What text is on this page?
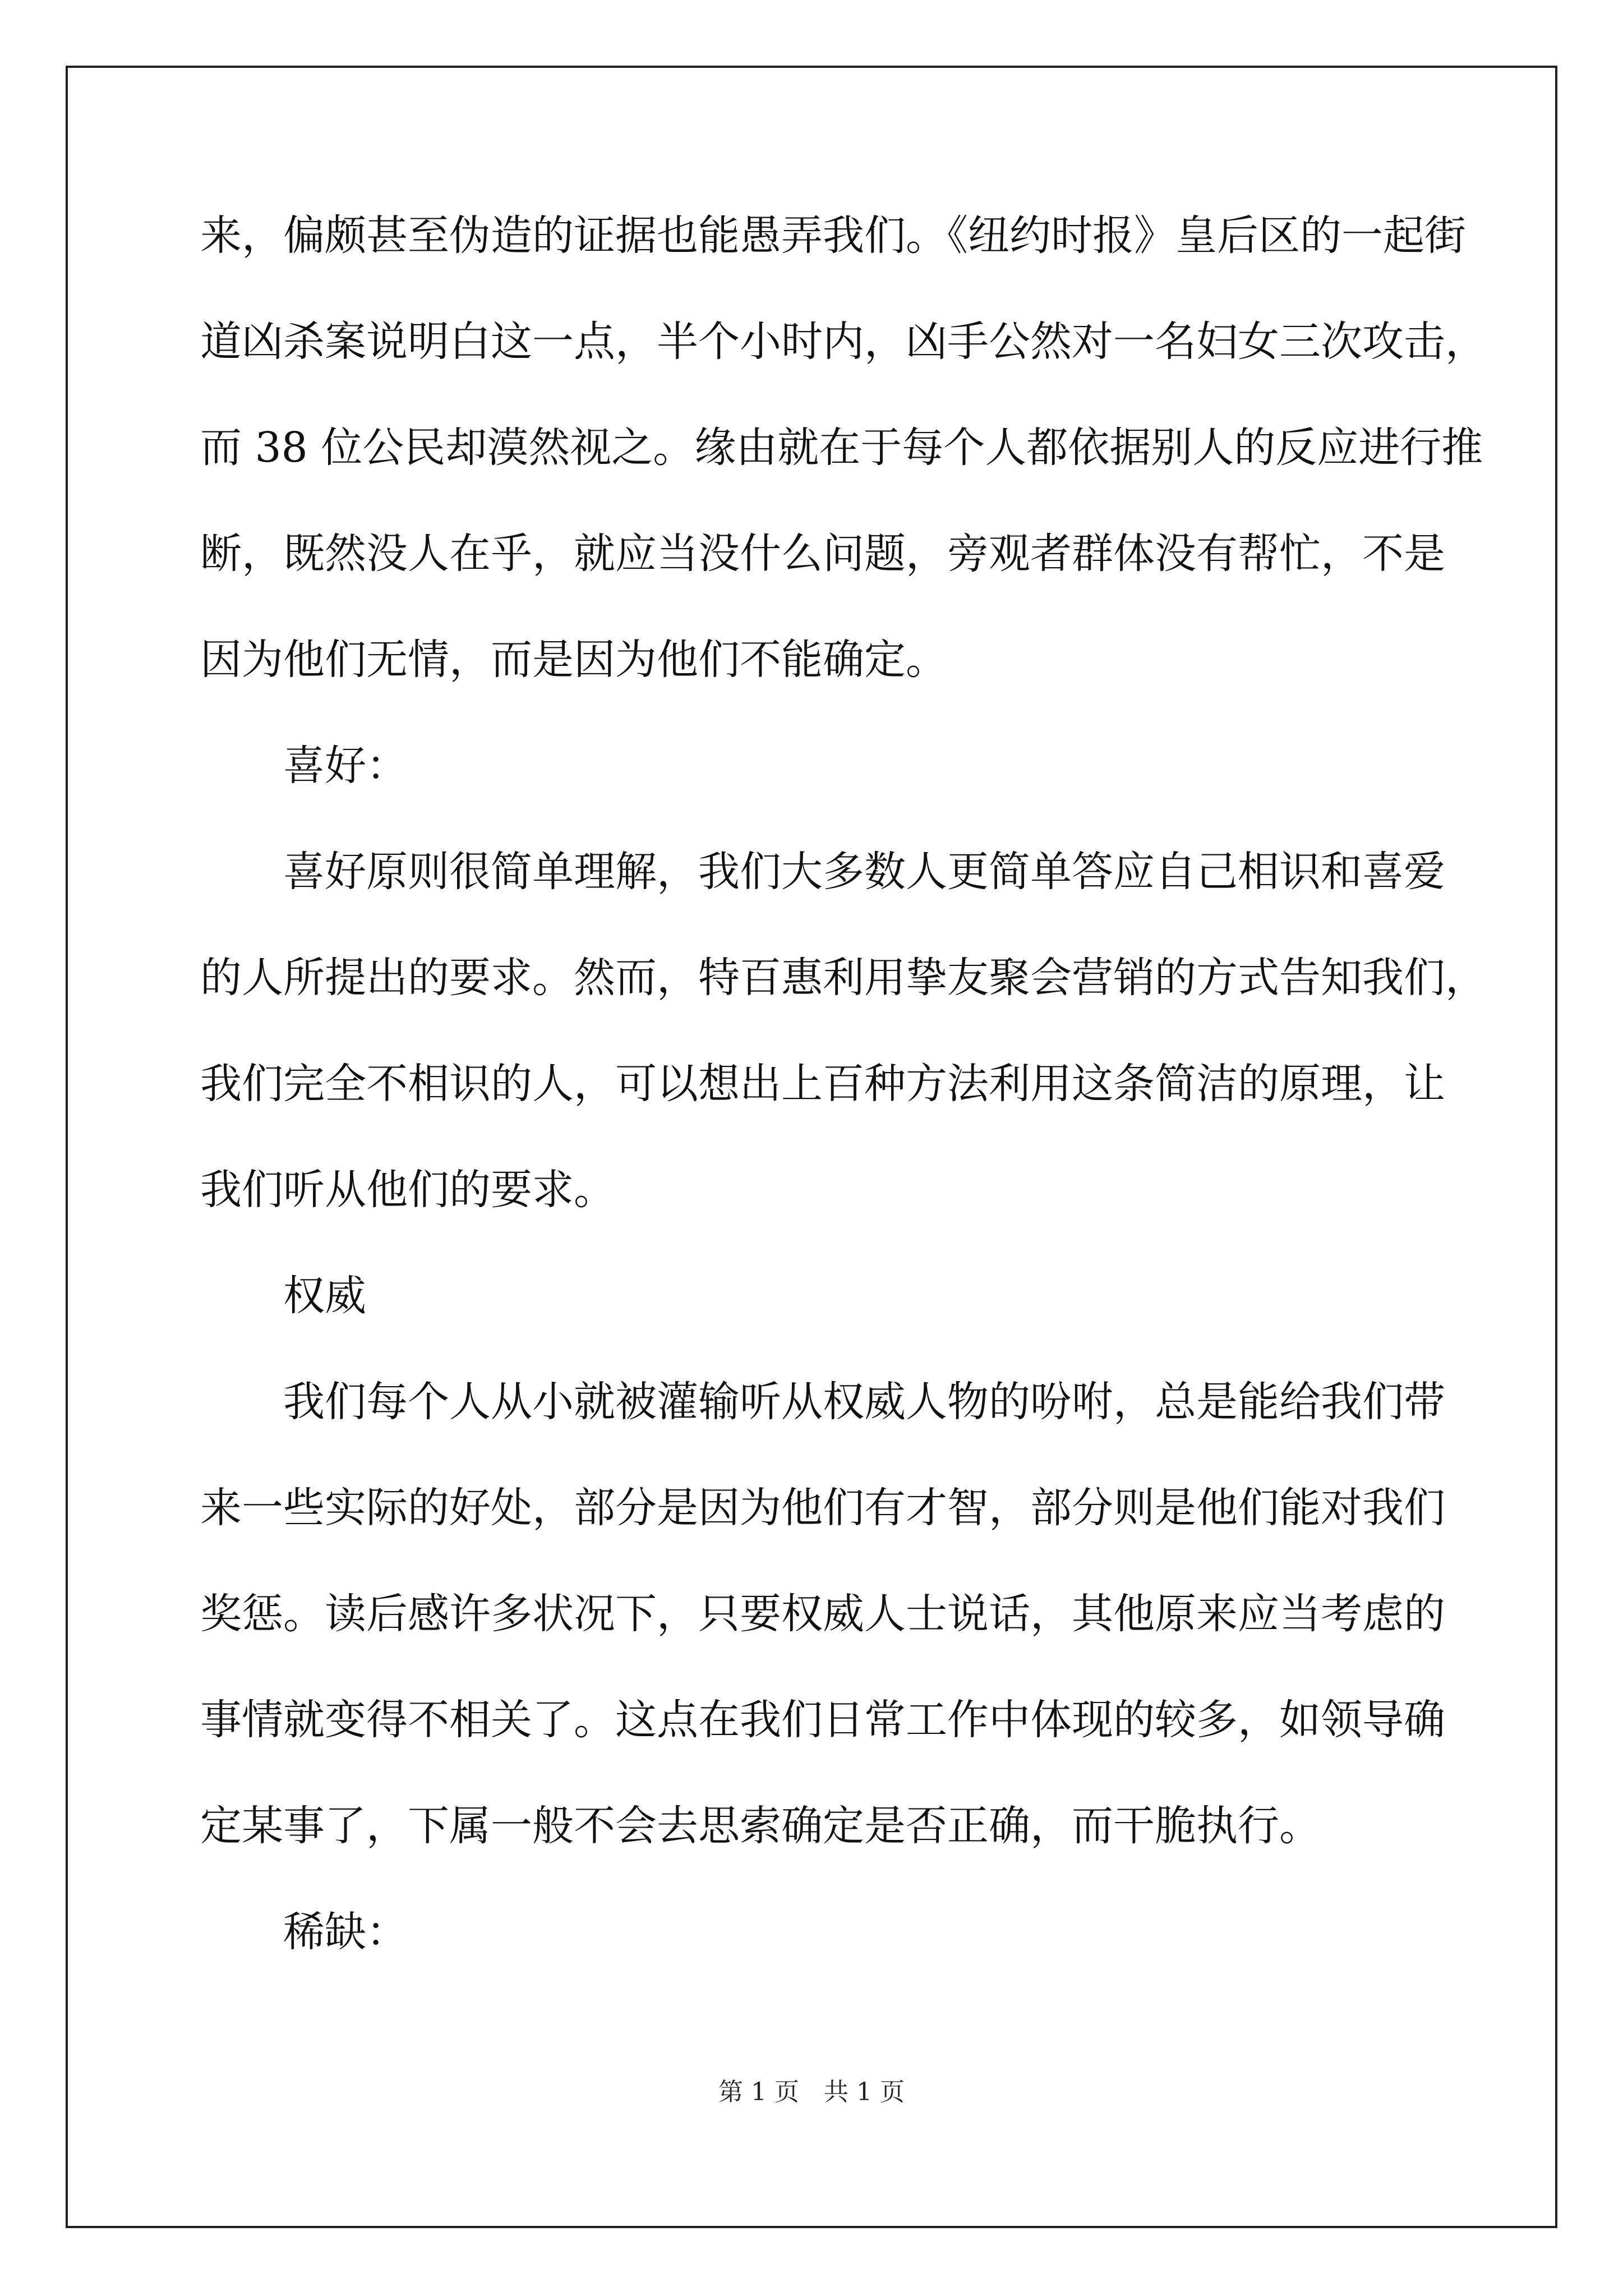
来，偏颇甚至伪造的证据也能愚弄我们。《纽约时报》皇后区的一起街
道凶杀案说明白这一点，半个小时内，凶手公然对一名妇女三次攻击，
而 38 位公民却漠然视之。缘由就在于每个人都依据别人的反应进行推
断，既然没人在乎，就应当没什么问题，旁观者群体没有帮忙，不是
因为他们无情，而是因为他们不能确定。
喜好：
喜好原则很简单理解，我们大多数人更简单答应自己相识和喜爱
的人所提出的要求。然而，特百惠利用挚友聚会营销的方式告知我们，
我们完全不相识的人，可以想出上百种方法利用这条简洁的原理，让
我们听从他们的要求。
权威
我们每个人从小就被灌输听从权威人物的吩咐，总是能给我们带
来一些实际的好处，部分是因为他们有才智，部分则是他们能对我们
奖惩。读后感许多状况下，只要权威人士说话，其他原来应当考虑的
事情就变得不相关了。这点在我们日常工作中体现的较多，如领导确
定某事了，下属一般不会去思索确定是否正确，而干脆执行。
稀缺：
第 1 页　共 1 页
